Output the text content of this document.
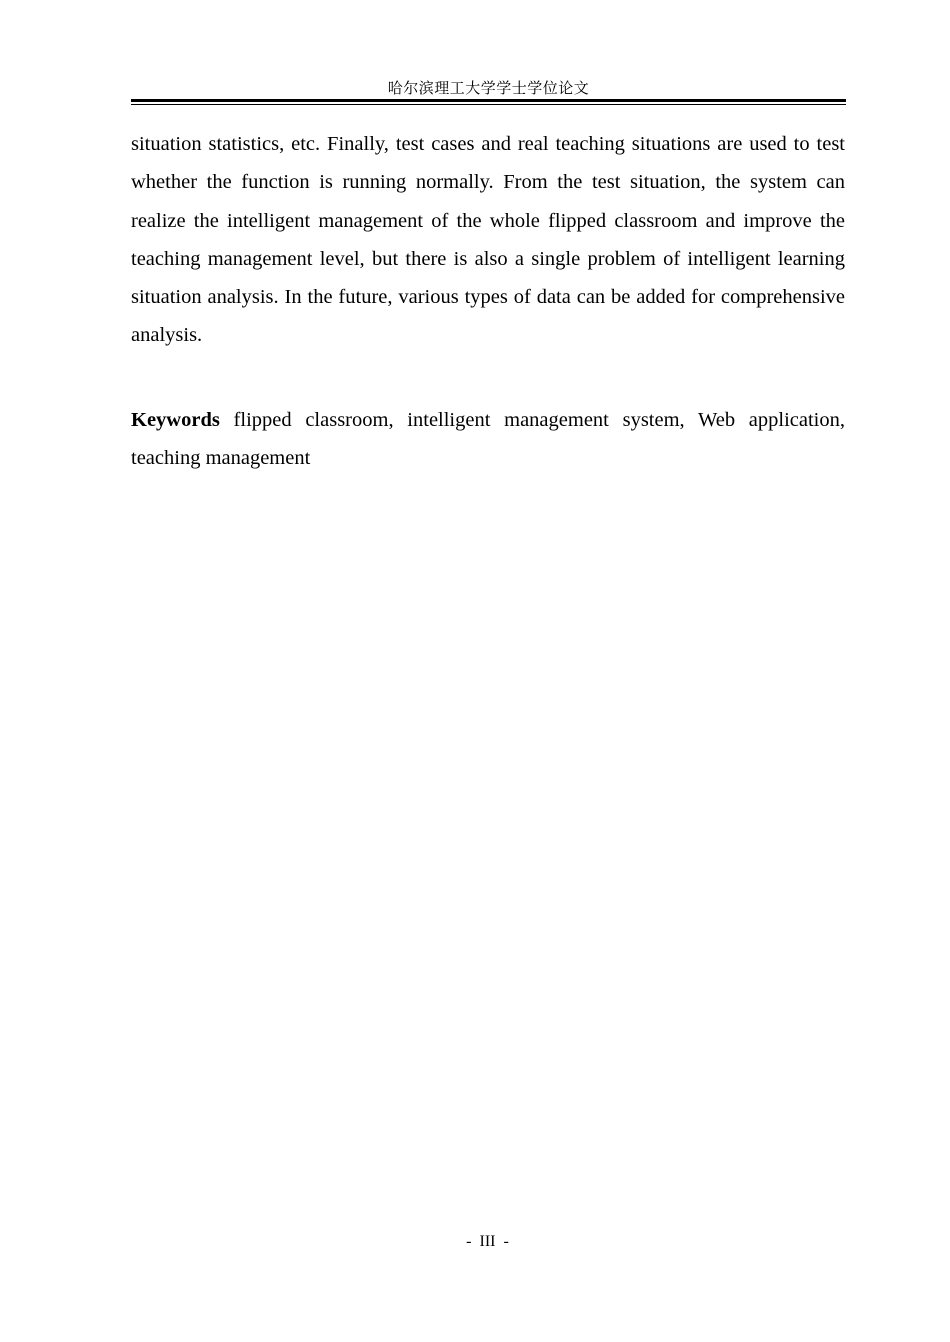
哈尔滨理工大学学士学位论文

situation statistics, etc. Finally, test cases and real teaching situations are used to test whether the function is running normally. From the test situation, the system can realize the intelligent management of the whole flipped classroom and improve the teaching management level, but there is also a single problem of intelligent learning situation analysis. In the future, various types of data can be added for comprehensive analysis.

Keywords flipped classroom, intelligent management system, Web application, teaching management

- III -
